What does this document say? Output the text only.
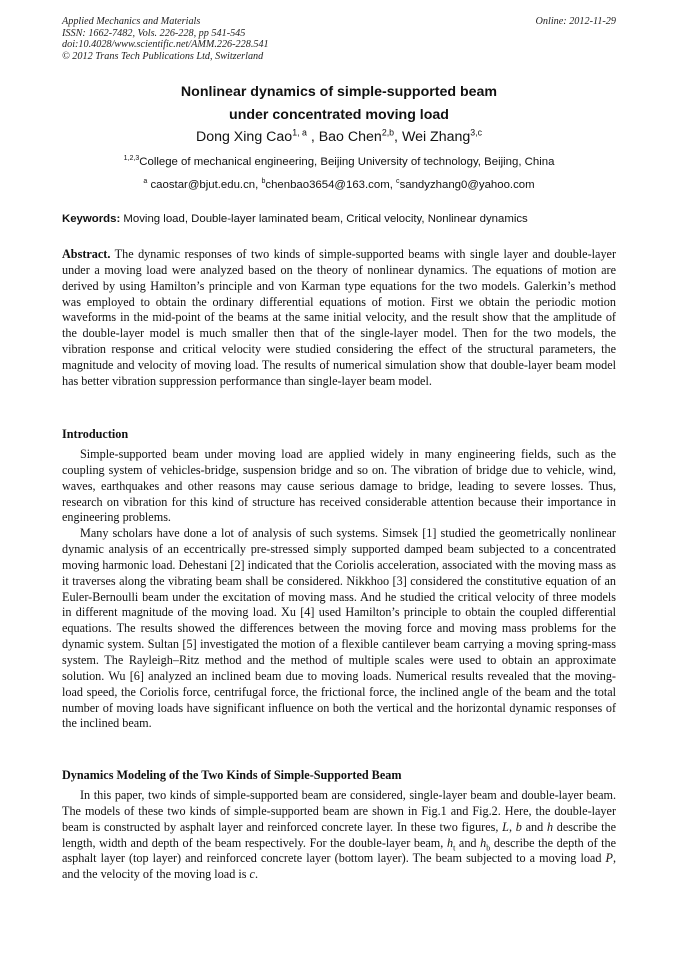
Applied Mechanics and Materials
ISSN: 1662-7482, Vols. 226-228, pp 541-545
doi:10.4028/www.scientific.net/AMM.226-228.541
© 2012 Trans Tech Publications Ltd, Switzerland
Online: 2012-11-29
Nonlinear dynamics of simple-supported beam
under concentrated moving load
Dong Xing Cao$^{1, a}$ , Bao Chen$^{2,b}$, Wei Zhang$^{3,c}$
$^{1,2,3}$College of mechanical engineering, Beijing University of technology, Beijing, China
$^a$ caostar@bjut.edu.cn, $^b$chenbao3654@163.com, $^c$sandyzhang0@yahoo.com
Keywords: Moving load, Double-layer laminated beam, Critical velocity, Nonlinear dynamics

Abstract. The dynamic responses of two kinds of simple-supported beams with single layer and double-layer under a moving load were analyzed based on the theory of nonlinear dynamics. The equations of motion are derived by using Hamilton’s principle and von Karman type equations for the two models. Galerkin’s method was employed to obtain the ordinary differential equations of motion. First we obtain the periodic motion waveforms in the mid-point of the beams at the same initial velocity, and the result show that the amplitude of the double-layer model is much smaller then that of the single-layer model. Then for the two models, the vibration response and critical velocity were studied considering the effect of the structural parameters, the magnitude and velocity of moving load. The results of numerical simulation show that double-layer beam model has better vibration suppression performance than single-layer beam model.

Introduction

Simple-supported beam under moving load are applied widely in many engineering fields, such as the coupling system of vehicles-bridge, suspension bridge and so on. The vibration of bridge due to vehicle, wind, waves, earthquakes and other reasons may cause serious damage to bridge, leading to severe losses. Thus, research on vibration for this kind of structure has received considerable attention because their importance in engineering problems.

Many scholars have done a lot of analysis of such systems. Simsek [1] studied the geometrically nonlinear dynamic analysis of an eccentrically pre-stressed simply supported damped beam subjected to a concentrated moving harmonic load. Dehestani [2] indicated that the Coriolis acceleration, associated with the moving mass as it traverses along the vibrating beam shall be considered. Nikkhoo [3] considered the constitutive equation of an Euler-Bernoulli beam under the excitation of moving mass. And he studied the critical velocity of three models in different magnitude of the moving load. Xu [4] used Hamilton’s principle to obtain the coupled differential equations. The results showed the differences between the moving force and moving mass problems for the dynamic system. Sultan [5] investigated the motion of a flexible cantilever beam carrying a moving spring-mass system. The Rayleigh–Ritz method and the method of multiple scales were used to obtain an approximate solution. Wu [6] analyzed an inclined beam due to moving loads. Numerical results revealed that the moving-load speed, the Coriolis force, centrifugal force, the frictional force, the inclined angle of the beam and the total number of moving loads have significant influence on both the vertical and the horizontal dynamic responses of the inclined beam.

Dynamics Modeling of the Two Kinds of Simple-Supported Beam

In this paper, two kinds of simple-supported beam are considered, single-layer beam and double-layer beam. The models of these two kinds of simple-supported beam are shown in Fig.1 and Fig.2. Here, the double-layer beam is constructed by asphalt layer and reinforced concrete layer. In these two figures, L, b and h describe the length, width and depth of the beam respectively. For the double-layer beam, $h_t$ and $h_b$ describe the depth of the asphalt layer (top layer) and reinforced concrete layer (bottom layer). The beam subjected to a moving load P, and the velocity of the moving load is c.
